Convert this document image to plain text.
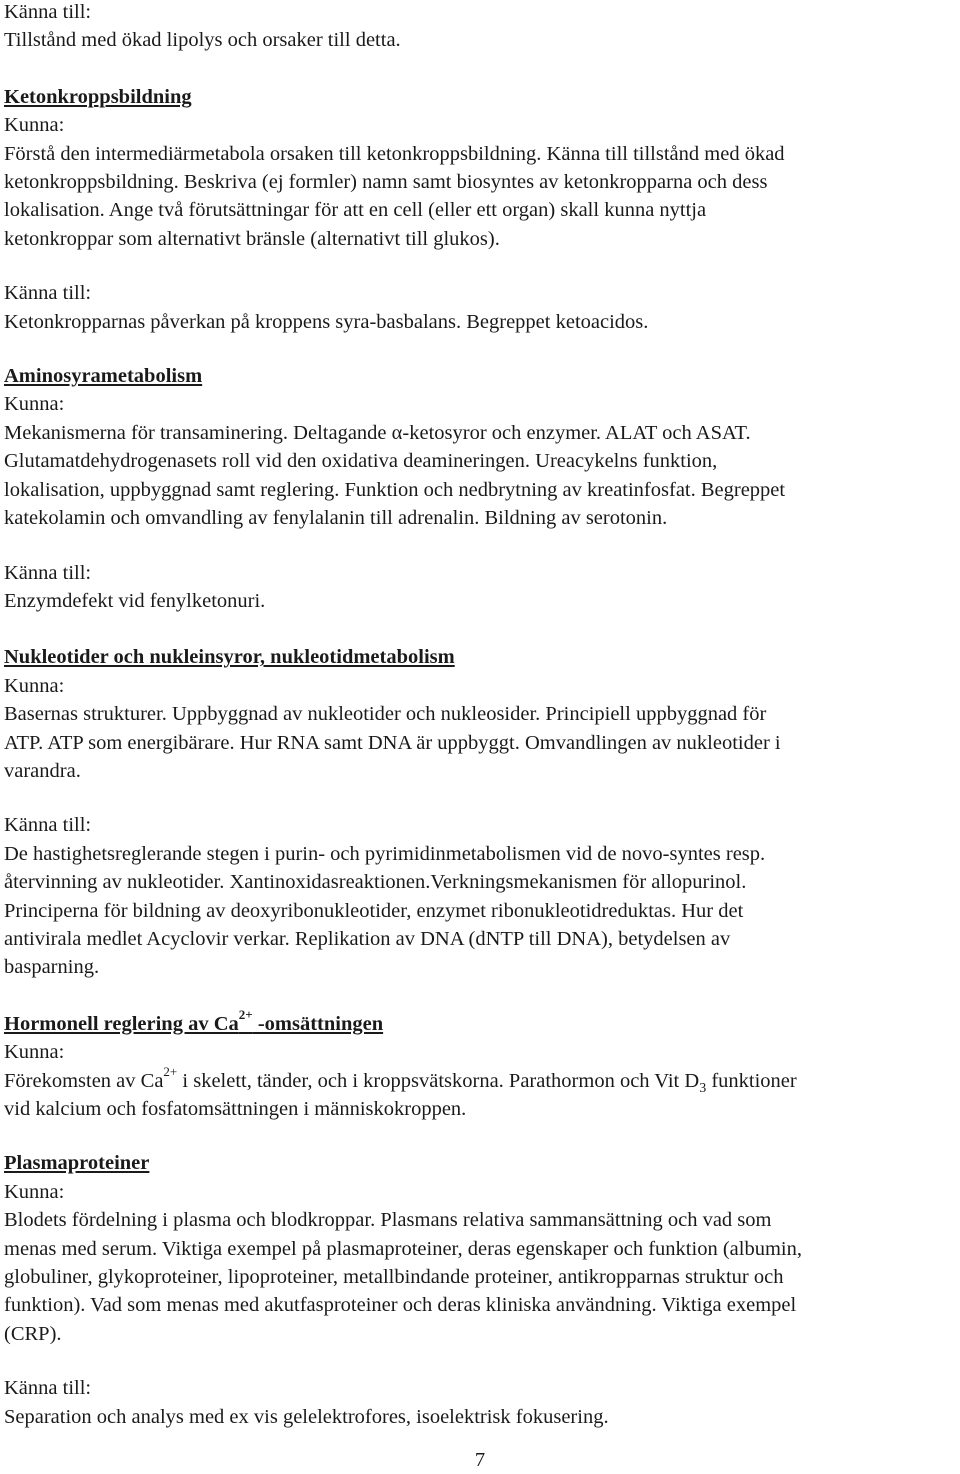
Känna till:

Tillstånd med ökad lipolys och orsaker till detta.

Ketonkroppsbildning

Kunna:

Förstå den intermediärmetabola orsaken till ketonkroppsbildning. Känna till tillstånd med ökad

ketonkroppsbildning. Beskriva (ej formler) namn samt biosyntes av ketonkropparna och dess

lokalisation. Ange två förutsättningar för att en cell (eller ett organ) skall kunna nyttja

ketonkroppar som alternativt bränsle (alternativt till glukos).

Känna till:

Ketonkropparnas påverkan på kroppens syra-basbalans. Begreppet ketoacidos.

Aminosyrametabolism

Kunna:

Mekanismerna för transaminering. Deltagande α-ketosyror och enzymer. ALAT och ASAT.

Glutamatdehydrogenasets roll vid den oxidativa deamineringen. Ureacykelns funktion,

lokalisation, uppbyggnad samt reglering. Funktion och nedbrytning av kreatinfosfat. Begreppet

katekolamin och omvandling av fenylalanin till adrenalin. Bildning av serotonin.

Känna till:

Enzymdefekt vid fenylketonuri.

Nukleotider och nukleinsyror, nukleotidmetabolism

Kunna:

Basernas strukturer. Uppbyggnad av nukleotider och nukleosider. Principiell uppbyggnad för

ATP. ATP som energibärare. Hur RNA samt DNA är uppbyggt. Omvandlingen av nukleotider i

varandra.

Känna till:

De hastighetsreglerande stegen i purin- och pyrimidinmetabolismen vid de novo-syntes resp.

återvinning av nukleotider. Xantinoxidasreaktionen.Verkningsmekanismen för allopurinol.

Principerna för bildning av deoxyribonukleotider, enzymet ribonukleotidreduktas. Hur det

antivirala medlet Acyclovir verkar. Replikation av DNA (dNTP till DNA), betydelsen av

basparning.

Hormonell reglering av $Ca^{2+}$ -omsättningen

Kunna:

Förekomsten av $Ca^{2+}$ i skelett, tänder, och i kroppsvätskorna. Parathormon och Vit $D_3$ funktioner

vid kalcium och fosfatomsättningen i människokroppen.

Plasmaproteiner

Kunna:

Blodets fördelning i plasma och blodkroppar. Plasmans relativa sammansättning och vad som

menas med serum. Viktiga exempel på plasmaproteiner, deras egenskaper och funktion (albumin,

globuliner, glykoproteiner, lipoproteiner, metallbindande proteiner, antikropparnas struktur och

funktion). Vad som menas med akutfasproteiner och deras kliniska användning. Viktiga exempel

(CRP).

Känna till:

Separation och analys med ex vis gelelektrofores, isoelektrisk fokusering.

7
